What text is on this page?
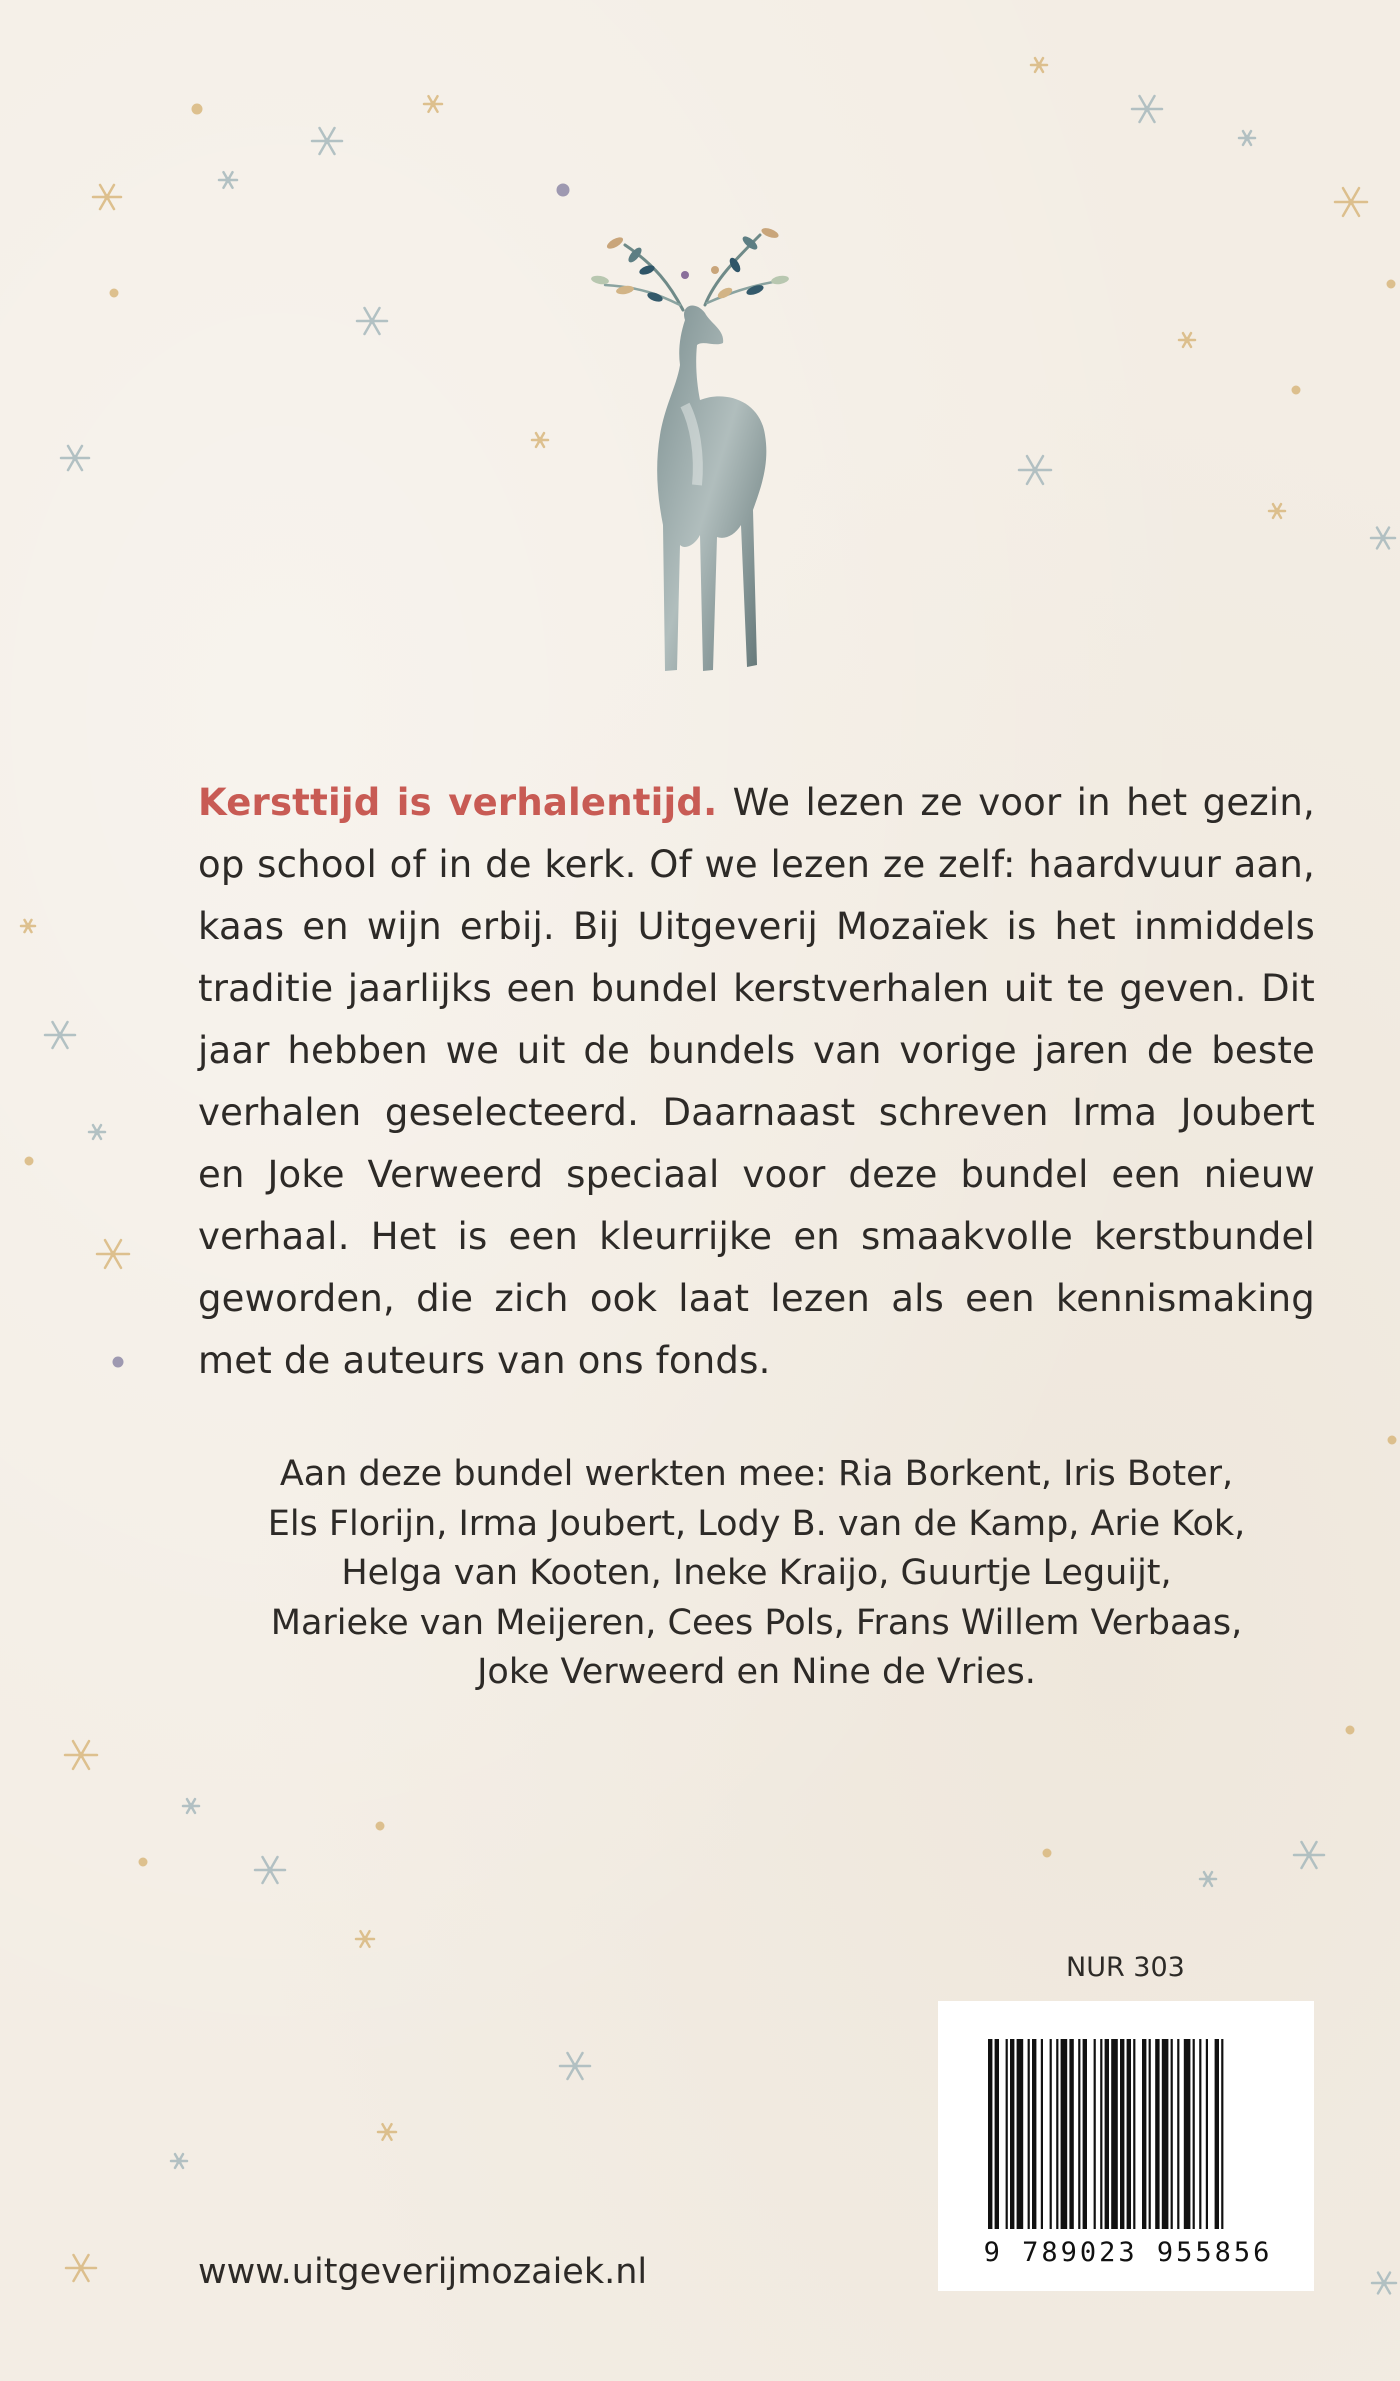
Kersttijd is verhalentijd. We lezen ze voor in het gezin, op school of in de kerk. Of we lezen ze zelf: haardvuur aan, kaas en wijn erbij. Bij Uitgeverij Mozaïek is het inmiddels traditie jaarlijks een bundel kerstverhalen uit te geven. Dit jaar hebben we uit de bundels van vorige jaren de beste verhalen geselecteerd. Daarnaast schreven Irma Joubert en Joke Verweerd speciaal voor deze bundel een nieuw verhaal. Het is een kleurrijke en smaakvolle kerstbundel geworden, die zich ook laat lezen als een kennismaking met de auteurs van ons fonds.
Aan deze bundel werkten mee: Ria Borkent, Iris Boter,
Els Florijn, Irma Joubert, Lody B. van de Kamp, Arie Kok,
Helga van Kooten, Ineke Kraijo, Guurtje Leguijt,
Marieke van Meijeren, Cees Pols, Frans Willem Verbaas,
Joke Verweerd en Nine de Vries.
NUR 303
9 789023 955856
www.uitgeverijmozaiek.nl
